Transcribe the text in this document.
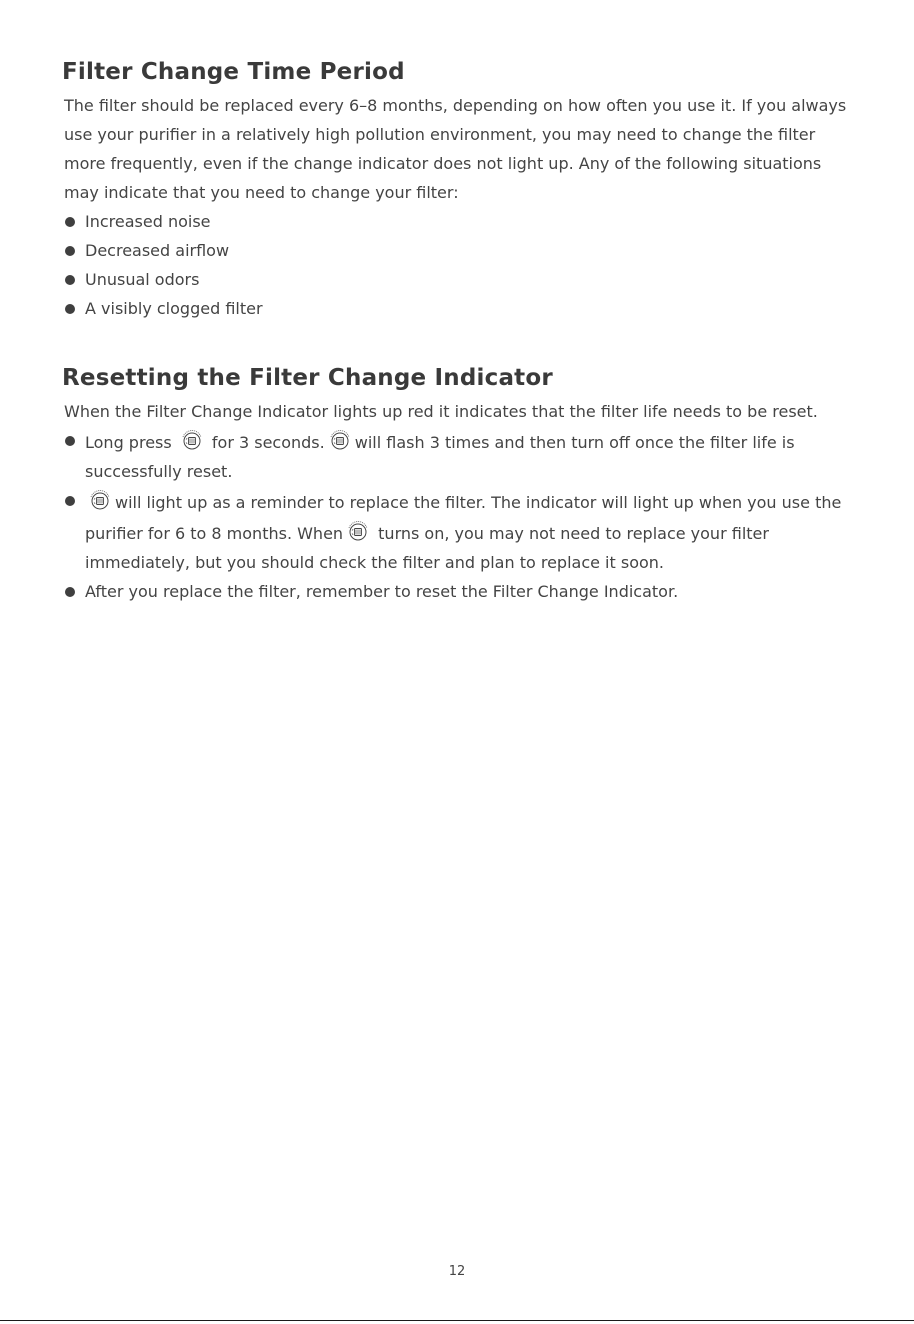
Filter Change Time Period

The filter should be replaced every 6–8 months, depending on how often you use it. If you always use your purifier in a relatively high pollution environment, you may need to change the filter more frequently, even if the change indicator does not light up. Any of the following situations may indicate that you need to change your filter:

Increased noise
Decreased airflow
Unusual odors
A visibly clogged filter
Resetting the Filter Change Indicator

When the Filter Change Indicator lights up red it indicates that the filter life needs to be reset.

Long press	for 3 seconds. will flash 3 times and then turn off once the filter life is successfully reset.
will light up as a reminder to replace the filter. The indicator will light up when you use the purifier for 6 to 8 months. When turns on, you may not need to replace your filter immediately, but you should check the filter and plan to replace it soon.
After you replace the filter, remember to reset the Filter Change Indicator.
12
